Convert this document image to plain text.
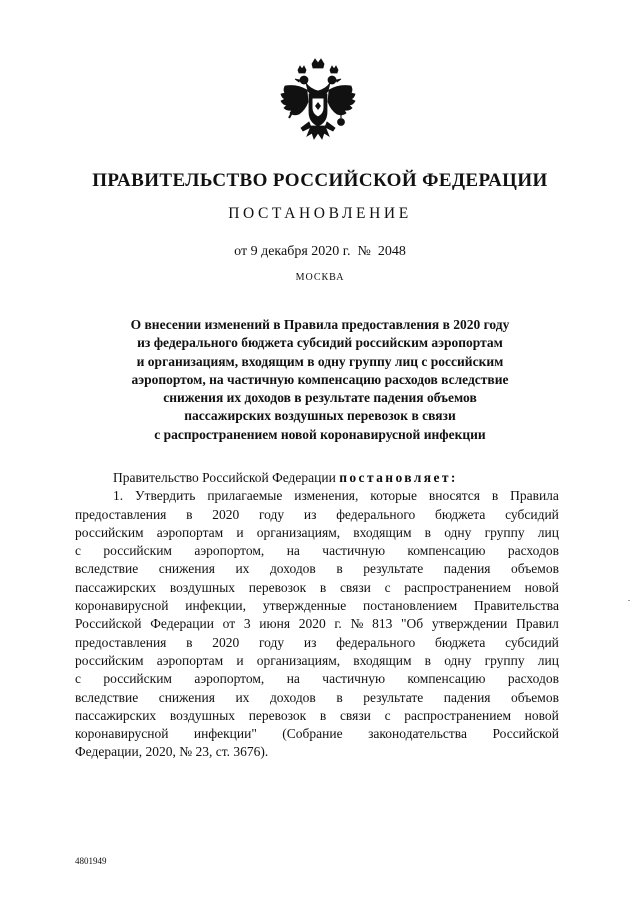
ПРАВИТЕЛЬСТВО РОССИЙСКОЙ ФЕДЕРАЦИИ
ПОСТАНОВЛЕНИЕ
от 9 декабря 2020 г.  №  2048
МОСКВА
О внесении изменений в Правила предоставления в 2020 году
из федерального бюджета субсидий российским аэропортам
и организациям, входящим в одну группу лиц с российским
аэропортом, на частичную компенсацию расходов вследствие
снижения их доходов в результате падения объемов
пассажирских воздушных перевозок в связи
с распространением новой коронавирусной инфекции
Правительство Российской Федерации постановляет:
1. Утвердить прилагаемые изменения, которые вносятся в Правила
предоставления в 2020 году из федерального бюджета субсидий
российским аэропортам и организациям, входящим в одну группу лиц
с российским аэропортом, на частичную компенсацию расходов
вследствие снижения их доходов в результате падения объемов
пассажирских воздушных перевозок в связи с распространением новой
коронавирусной инфекции, утвержденные постановлением Правительства
Российской Федерации от 3 июня 2020 г. № 813 "Об утверждении Правил
предоставления в 2020 году из федерального бюджета субсидий
российским аэропортам и организациям, входящим в одну группу лиц
с российским аэропортом, на частичную компенсацию расходов
вследствие снижения их доходов в результате падения объемов
пассажирских воздушных перевозок в связи с распространением новой
коронавирусной инфекции" (Собрание законодательства Российской
Федерации, 2020, № 23, ст. 3676).
4801949
